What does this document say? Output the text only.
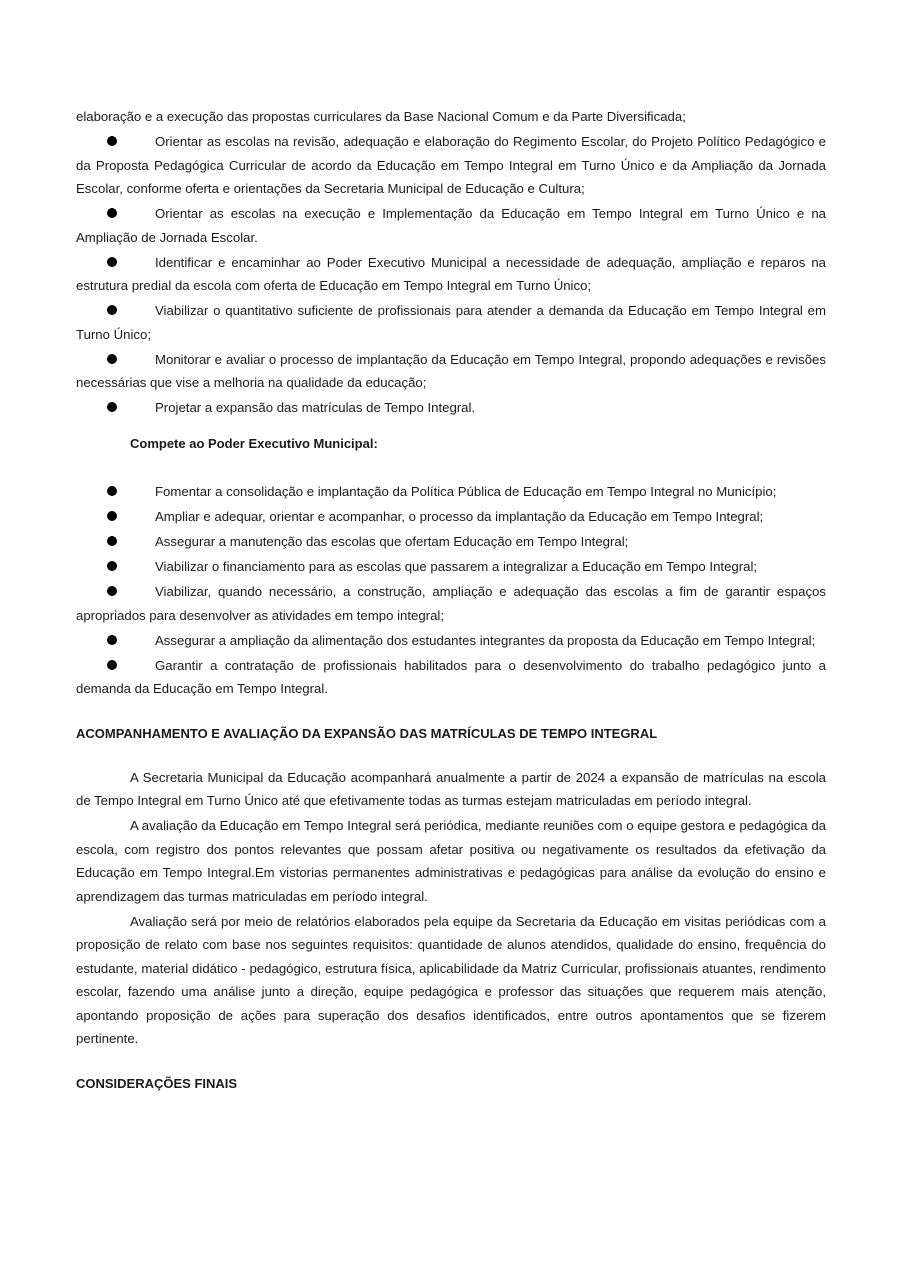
elaboração e a execução das propostas curriculares da Base Nacional Comum e da Parte Diversificada;

Orientar as escolas na revisão, adequação e elaboração do Regimento Escolar, do Projeto Político Pedagógico e da Proposta Pedagógica Curricular de acordo da Educação em Tempo Integral em Turno Único e da Ampliação da Jornada Escolar, conforme oferta e orientações da Secretaria Municipal de Educação e Cultura;

Orientar as escolas na execução e Implementação da Educação em Tempo Integral em Turno Único e na Ampliação de Jornada Escolar.

Identificar e encaminhar ao Poder Executivo Municipal a necessidade de adequação, ampliação e reparos na estrutura predial da escola com oferta de Educação em Tempo Integral em Turno Único;

Viabilizar o quantitativo suficiente de profissionais para atender a demanda da Educação em Tempo Integral em Turno Único;

Monitorar e avaliar o processo de implantação da Educação em Tempo Integral, propondo adequações e revisões necessárias que vise a melhoria na qualidade da educação;

Projetar a expansão das matrículas de Tempo Integral.

Compete ao Poder Executivo Municipal:

Fomentar a consolidação e implantação da Política Pública de Educação em Tempo Integral no Município;

Ampliar e adequar, orientar e acompanhar, o processo da implantação da Educação em Tempo Integral;

Assegurar a manutenção das escolas que ofertam Educação em Tempo Integral;

Viabilizar o financiamento para as escolas que passarem a integralizar a Educação em Tempo Integral;

Viabilizar, quando necessário, a construção, ampliação e adequação das escolas a fim de garantir espaços apropriados para desenvolver as atividades em tempo integral;

Assegurar a ampliação da alimentação dos estudantes integrantes da proposta da Educação em Tempo Integral;

Garantir a contratação de profissionais habilitados para o desenvolvimento do trabalho pedagógico junto a demanda da Educação em Tempo Integral.

ACOMPANHAMENTO E AVALIAÇÃO DA EXPANSÃO DAS MATRÍCULAS DE TEMPO INTEGRAL

A Secretaria Municipal da Educação acompanhará anualmente a partir de 2024 a expansão de matrículas na escola de Tempo Integral em Turno Único até que efetivamente todas as turmas estejam matriculadas em período integral.

A avaliação da Educação em Tempo Integral será periódica, mediante reuniões com o equipe gestora e pedagógica da escola, com registro dos pontos relevantes que possam afetar positiva ou negativamente os resultados da efetivação da Educação em Tempo Integral.Em vistorias permanentes administrativas e pedagógicas para análise da evolução do ensino e aprendizagem das turmas matriculadas em período integral.

Avaliação será por meio de relatórios elaborados pela equipe da Secretaria da Educação em visitas periódicas com a proposição de relato com base nos seguintes requisitos: quantidade de alunos atendidos, qualidade do ensino, frequência do estudante, material didático - pedagógico, estrutura física, aplicabilidade da Matriz Curricular, profissionais atuantes, rendimento escolar, fazendo uma análise junto a direção, equipe pedagógica e professor das situações que requerem mais atenção, apontando proposição de ações para superação dos desafios identificados, entre outros apontamentos que se fizerem pertinente.

CONSIDERAÇÕES FINAIS
